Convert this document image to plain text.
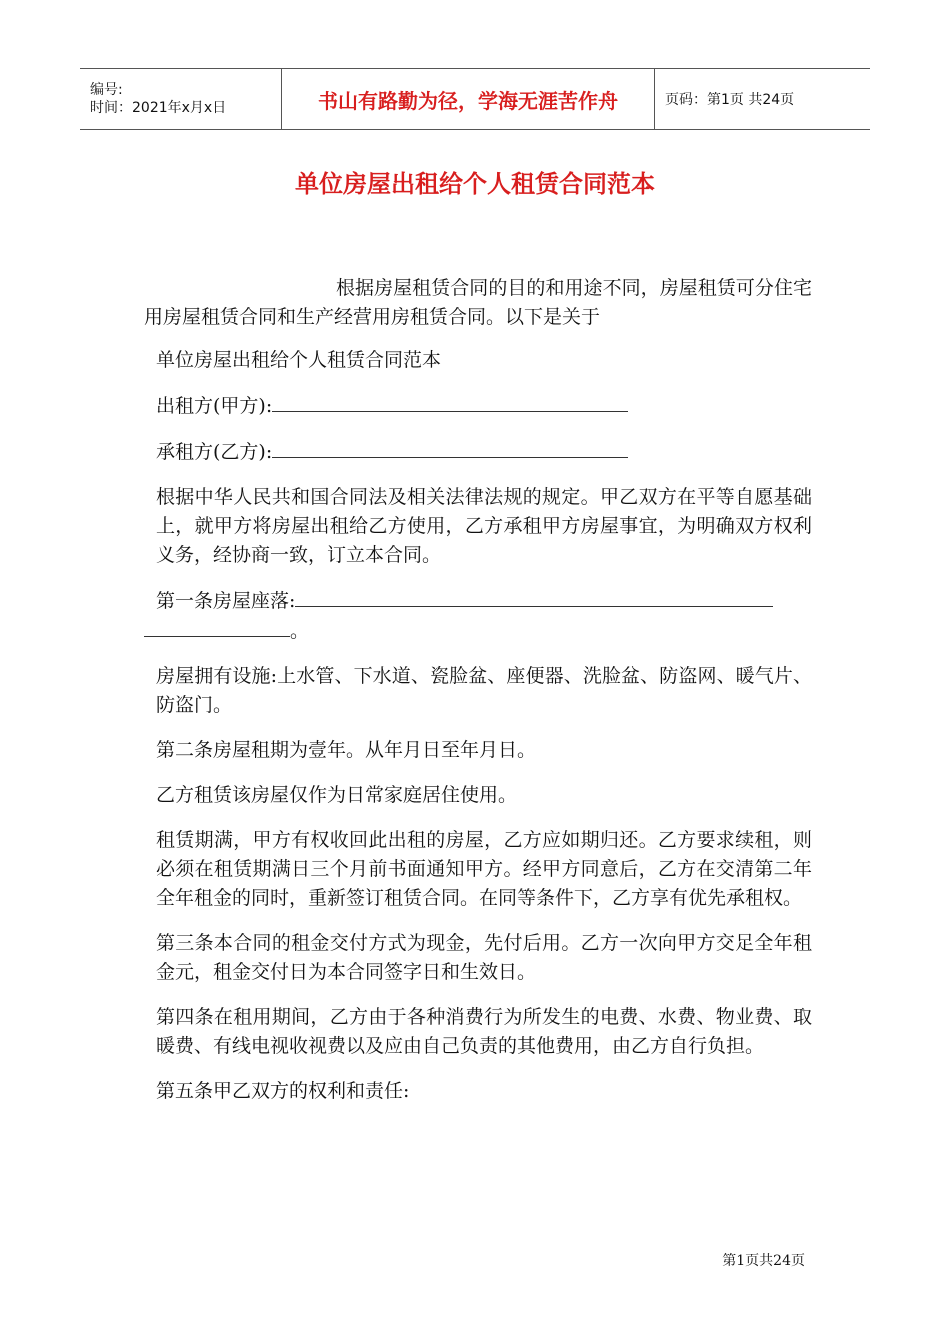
编号:
时间：2021年x月x日	书山有路勤为径，学海无涯苦作舟	页码：第1页 共24页
单位房屋出租给个人租赁合同范本

根据房屋租赁合同的目的和用途不同，房屋租赁可分住宅用房屋租赁合同和生产经营用房租赁合同。以下是关于

单位房屋出租给个人租赁合同范本

出租方(甲方):

承租方(乙方):

根据中华人民共和国合同法及相关法律法规的规定。甲乙双方在平等自愿基础上，就甲方将房屋出租给乙方使用，乙方承租甲方房屋事宜，为明确双方权利义务，经协商一致，订立本合同。

第一条房屋座落:
。

房屋拥有设施:上水管、下水道、瓷脸盆、座便器、洗脸盆、防盗网、暖气片、防盗门。

第二条房屋租期为壹年。从年月日至年月日。

乙方租赁该房屋仅作为日常家庭居住使用。

租赁期满，甲方有权收回此出租的房屋，乙方应如期归还。乙方要求续租，则必须在租赁期满日三个月前书面通知甲方。经甲方同意后，乙方在交清第二年全年租金的同时，重新签订租赁合同。在同等条件下，乙方享有优先承租权。

第三条本合同的租金交付方式为现金，先付后用。乙方一次向甲方交足全年租金元，租金交付日为本合同签字日和生效日。

第四条在租用期间，乙方由于各种消费行为所发生的电费、水费、物业费、取暖费、有线电视收视费以及应由自己负责的其他费用，由乙方自行负担。

第五条甲乙双方的权利和责任:

第1页共24页
